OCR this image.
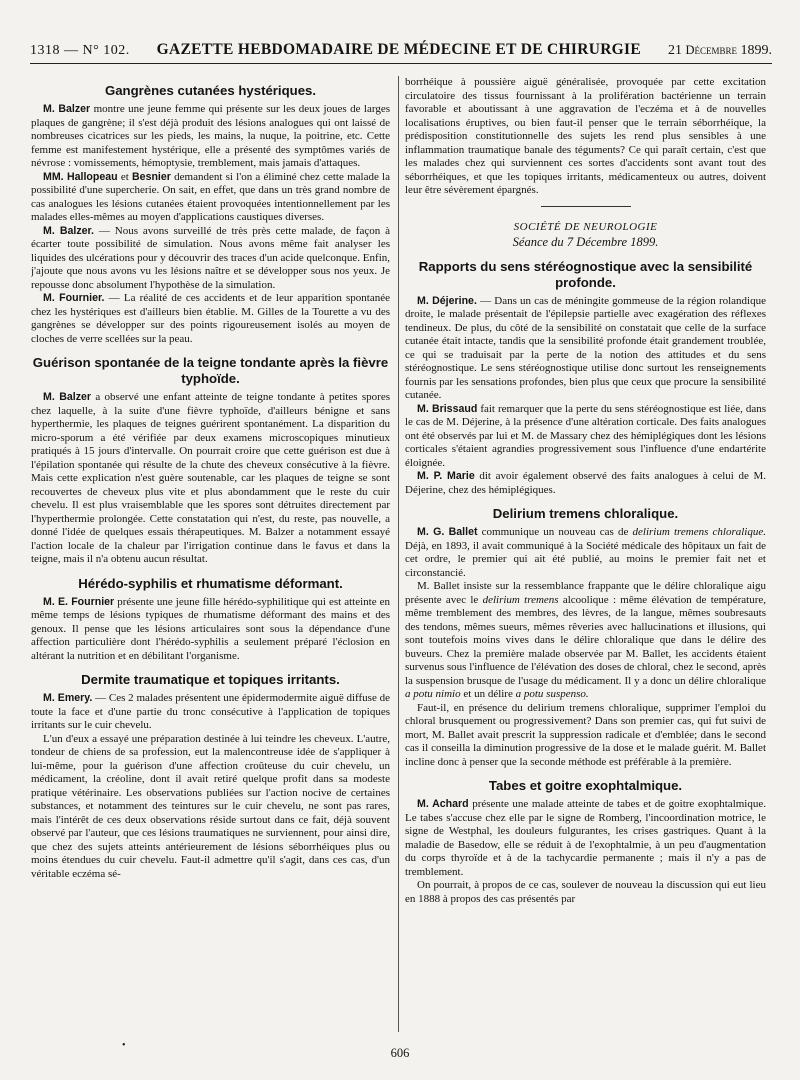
1318 — N° 102. GAZETTE HEBDOMADAIRE DE MÉDECINE ET DE CHIRURGIE 21 Décembre 1899.
Gangrènes cutanées hystériques.

M. Balzer montre une jeune femme qui présente sur les deux joues de larges plaques de gangrène; il s'est déjà produit des lésions analogues qui ont laissé de nombreuses cicatrices sur les pieds, les mains, la nuque, la poitrine, etc. Cette femme est manifestement hystérique, elle a présenté des symptômes variés de névrose : vomissements, hémoptysie, tremblement, mais jamais d'attaques.

MM. Hallopeau et Besnier demandent si l'on a éliminé chez cette malade la possibilité d'une supercherie. On sait, en effet, que dans un très grand nombre de cas analogues les lésions cutanées étaient provoquées intentionnellement par les malades elles-mêmes au moyen d'applications caustiques diverses.

M. Balzer. — Nous avons surveillé de très près cette malade, de façon à écarter toute possibilité de simulation. Nous avons même fait analyser les liquides des ulcérations pour y découvrir des traces d'un acide quelconque. Enfin, j'ajoute que nous avons vu les lésions naître et se développer sous nos yeux. Je repousse donc absolument l'hypothèse de la simulation.

M. Fournier. — La réalité de ces accidents et de leur apparition spontanée chez les hystériques est d'ailleurs bien établie. M. Gilles de la Tourette a vu des gangrènes se développer sur des points rigoureusement isolés au moyen de cloches de verre scellées sur la peau.

Guérison spontanée de la teigne tondante après la fièvre typhoïde.

M. Balzer a observé une enfant atteinte de teigne tondante à petites spores chez laquelle, à la suite d'une fièvre typhoïde, d'ailleurs bénigne et sans hyperthermie, les plaques de teignes guérirent spontanément. La disparition du micro-sporum a été vérifiée par deux examens microscopiques minutieux pratiqués à 15 jours d'intervalle. On pourrait croire que cette guérison est due à l'épilation spontanée qui résulte de la chute des cheveux consécutive à la fièvre. Mais cette explication n'est guère soutenable, car les plaques de teigne se sont recouvertes de cheveux plus vite et plus abondamment que le reste du cuir chevelu. Il est plus vraisemblable que les spores sont détruites directement par l'hyperthermie prolongée. Cette constatation qui n'est, du reste, pas nouvelle, a donné l'idée de quelques essais thérapeutiques. M. Balzer a notamment essayé l'action locale de la chaleur par l'irrigation continue dans le favus et dans la teigne, mais il n'a obtenu aucun résultat.

Hérédo-syphilis et rhumatisme déformant.

M. E. Fournier présente une jeune fille hérédo-syphilitique qui est atteinte en même temps de lésions typiques de rhumatisme déformant des mains et des genoux. Il pense que les lésions articulaires sont sous la dépendance d'une affection particulière dont l'hérédo-syphilis a seulement préparé l'éclosion en altérant la nutrition et en débilitant l'organisme.

Dermite traumatique et topiques irritants.

M. Emery. — Ces 2 malades présentent une épidermodermite aiguë diffuse de toute la face et d'une partie du tronc consécutive à l'application de topiques irritants sur le cuir chevelu.

L'un d'eux a essayé une préparation destinée à lui teindre les cheveux. L'autre, tondeur de chiens de sa profession, eut la malencontreuse idée de s'appliquer à lui-même, pour la guérison d'une affection croûteuse du cuir chevelu, un médicament, la créoline, dont il avait retiré quelque profit dans sa modeste pratique vétérinaire. Les observations publiées sur l'action nocive de certaines substances, et notamment des teintures sur le cuir chevelu, ne sont pas rares, mais l'intérêt de ces deux observations réside surtout dans ce fait, déjà souvent observé par l'auteur, que ces lésions traumatiques ne surviennent, pour ainsi dire, que chez des sujets atteints antérieurement de lésions séborrhéiques plus ou moins étendues du cuir chevelu. Faut-il admettre qu'il s'agit, dans ces cas, d'un véritable eczéma sé-

borrhéique à poussière aiguë généralisée, provoquée par cette excitation circulatoire des tissus fournissant à la prolifération bactérienne un terrain favorable et aboutissant à une aggravation de l'eczéma et à de nouvelles localisations éruptives, ou bien faut-il penser que le terrain séborrhéique, la prédisposition constitutionnelle des sujets les rend plus sensibles à une inflammation traumatique banale des téguments? Ce qui paraît certain, c'est que les malades chez qui surviennent ces sortes d'accidents sont avant tout des séborrhéiques, et que les topiques irritants, médicamenteux ou autres, doivent leur être sévèrement épargnés.

SOCIÉTÉ DE NEUROLOGIE
Séance du 7 Décembre 1899.
Rapports du sens stéréognostique avec la sensibilité profonde.

M. Déjerine. — Dans un cas de méningite gommeuse de la région rolandique droite, le malade présentait de l'épilepsie partielle avec exagération des réflexes tendineux. De plus, du côté de la sensibilité on constatait que celle de la surface cutanée était intacte, tandis que la sensibilité profonde était grandement troublée, ce qui se traduisait par la perte de la notion des attitudes et du sens stéréognostique. Le sens stéréognostique utilise donc surtout les renseignements fournis par les sensations profondes, bien plus que ceux que procure la sensibilité cutanée.

M. Brissaud fait remarquer que la perte du sens stéréognostique est liée, dans le cas de M. Déjerine, à la présence d'une altération corticale. Des faits analogues ont été observés par lui et M. de Massary chez des hémiplégiques dont les lésions corticales s'étaient agrandies progressivement sous l'influence d'une endartérite éloignée.

M. P. Marie dit avoir également observé des faits analogues à celui de M. Déjerine, chez des hémiplégiques.

Delirium tremens chloralique.

M. G. Ballet communique un nouveau cas de delirium tremens chloralique. Déjà, en 1893, il avait communiqué à la Société médicale des hôpitaux un fait de cet ordre, le premier qui ait été publié, au moins le premier fait net et circonstancié.

M. Ballet insiste sur la ressemblance frappante que le délire chloralique aigu présente avec le delirium tremens alcoolique : même élévation de température, même tremblement des membres, des lèvres, de la langue, mêmes soubresauts des tendons, mêmes sueurs, mêmes rêveries avec hallucinations et illusions, qui sont toutefois moins vives dans le délire chloralique que dans le délire des buveurs. Chez la première malade observée par M. Ballet, les accidents étaient survenus sous l'influence de l'élévation des doses de chloral, chez le second, après la suspension brusque de l'usage du médicament. Il y a donc un délire chloralique a potu nimio et un délire a potu suspenso.

Faut-il, en présence du delirium tremens chloralique, supprimer l'emploi du chloral brusquement ou progressivement? Dans son premier cas, qui fut suivi de mort, M. Ballet avait prescrit la suppression radicale et d'emblée; dans le second cas il conseilla la diminution progressive de la dose et le malade guérit. M. Ballet incline donc à penser que la seconde méthode est préférable à la première.

Tabes et goitre exophtalmique.

M. Achard présente une malade atteinte de tabes et de goitre exophtalmique. Le tabes s'accuse chez elle par le signe de Romberg, l'incoordination motrice, le signe de Westphal, les douleurs fulgurantes, les crises gastriques. Quant à la maladie de Basedow, elle se réduit à de l'exophtalmie, à un peu d'augmentation du corps thyroïde et à de la tachycardie permanente ; mais il n'y a pas de tremblement.

On pourrait, à propos de ce cas, soulever de nouveau la discussion qui eut lieu en 1888 à propos des cas présentés par

•
606
